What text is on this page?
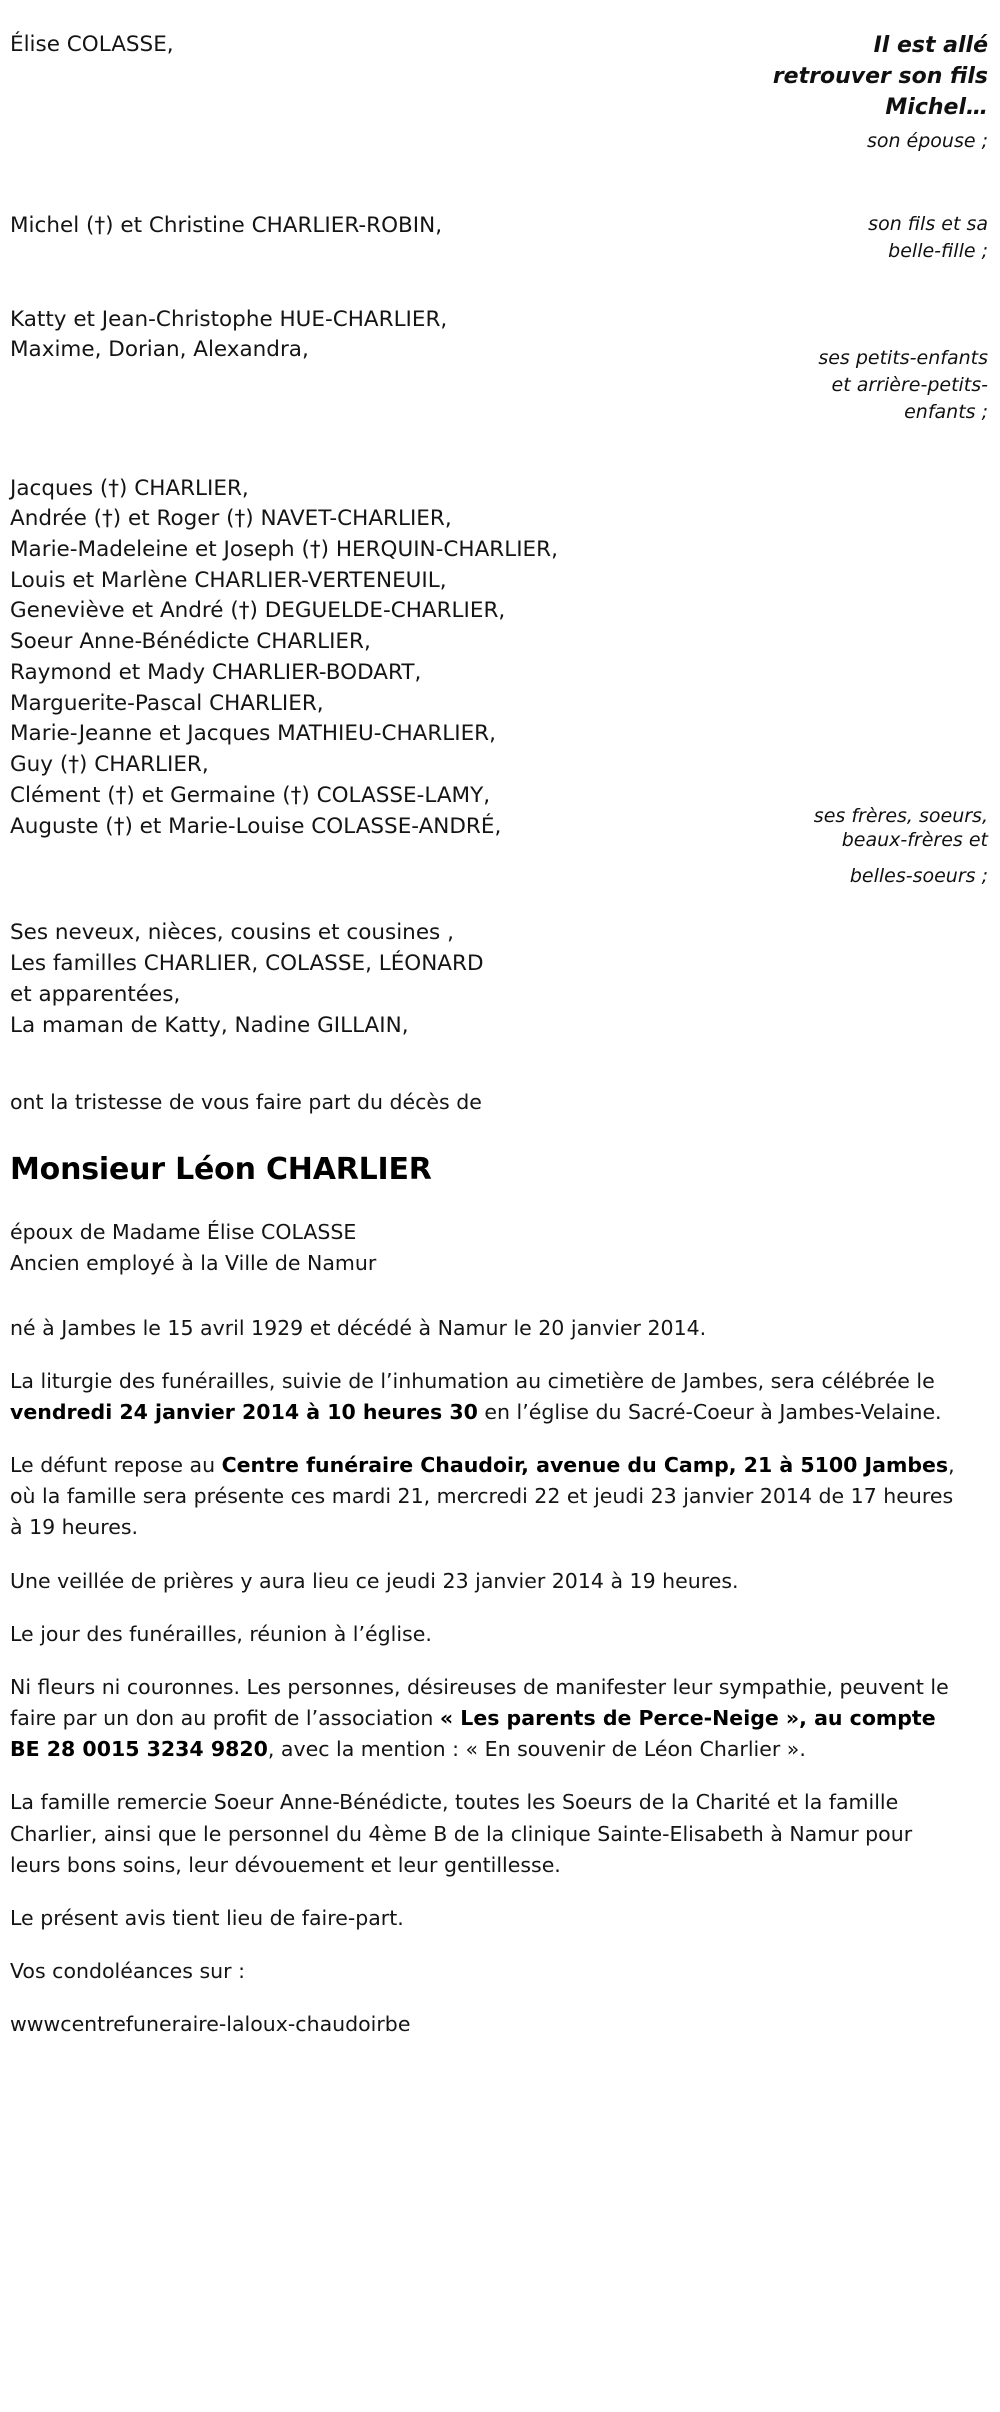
Élise COLASSE,	Il est allé
retrouver son fils
Michel…
son épouse ;
Michel (†) et Christine CHARLIER-ROBIN,	son fils et sa
belle-fille ;
Katty et Jean-Christophe HUE-CHARLIER,
Maxime, Dorian, Alexandra,	ses petits-enfants
et arrière-petits-
enfants ;
Jacques (†) CHARLIER,
Andrée (†) et Roger (†) NAVET-CHARLIER,
Marie-Madeleine et Joseph (†) HERQUIN-CHARLIER,
Louis et Marlène CHARLIER-VERTENEUIL,
Geneviève et André (†) DEGUELDE-CHARLIER,
Soeur Anne-Bénédicte CHARLIER,
Raymond et Mady CHARLIER-BODART,
Marguerite-Pascal CHARLIER,
Marie-Jeanne et Jacques MATHIEU-CHARLIER,
Guy (†) CHARLIER,
Clément (†) et Germaine (†) COLASSE-LAMY,
Auguste (†) et Marie-Louise COLASSE-ANDRÉ,	ses frères, soeurs,
beaux-frères et
belles-soeurs ;
Ses neveux, nièces, cousins et cousines ,
Les familles CHARLIER, COLASSE, LÉONARD
et apparentées,
La maman de Katty, Nadine GILLAIN,
ont la tristesse de vous faire part du décès de
Monsieur Léon CHARLIER
époux de Madame Élise COLASSE
Ancien employé à la Ville de Namur

né à Jambes le 15 avril 1929 et décédé à Namur le 20 janvier 2014.

La liturgie des funérailles, suivie de l’inhumation au cimetière de Jambes, sera célébrée le vendredi 24 janvier 2014 à 10 heures 30 en l’église du Sacré-Coeur à Jambes-Velaine.

Le défunt repose au Centre funéraire Chaudoir, avenue du Camp, 21 à 5100 Jambes, où la famille sera présente ces mardi 21, mercredi 22 et jeudi 23 janvier 2014 de 17 heures à 19 heures.

Une veillée de prières y aura lieu ce jeudi 23 janvier 2014 à 19 heures.

Le jour des funérailles, réunion à l’église.

Ni fleurs ni couronnes. Les personnes, désireuses de manifester leur sympathie, peuvent le faire par un don au profit de l’association « Les parents de Perce-Neige », au compte BE 28 0015 3234 9820, avec la mention : « En souvenir de Léon Charlier ».

La famille remercie Soeur Anne-Bénédicte, toutes les Soeurs de la Charité et la famille Charlier, ainsi que le personnel du 4ème B de la clinique Sainte-Elisabeth à Namur pour leurs bons soins, leur dévouement et leur gentillesse.

Le présent avis tient lieu de faire-part.

Vos condoléances sur :

wwwcentrefuneraire-laloux-chaudoirbe
